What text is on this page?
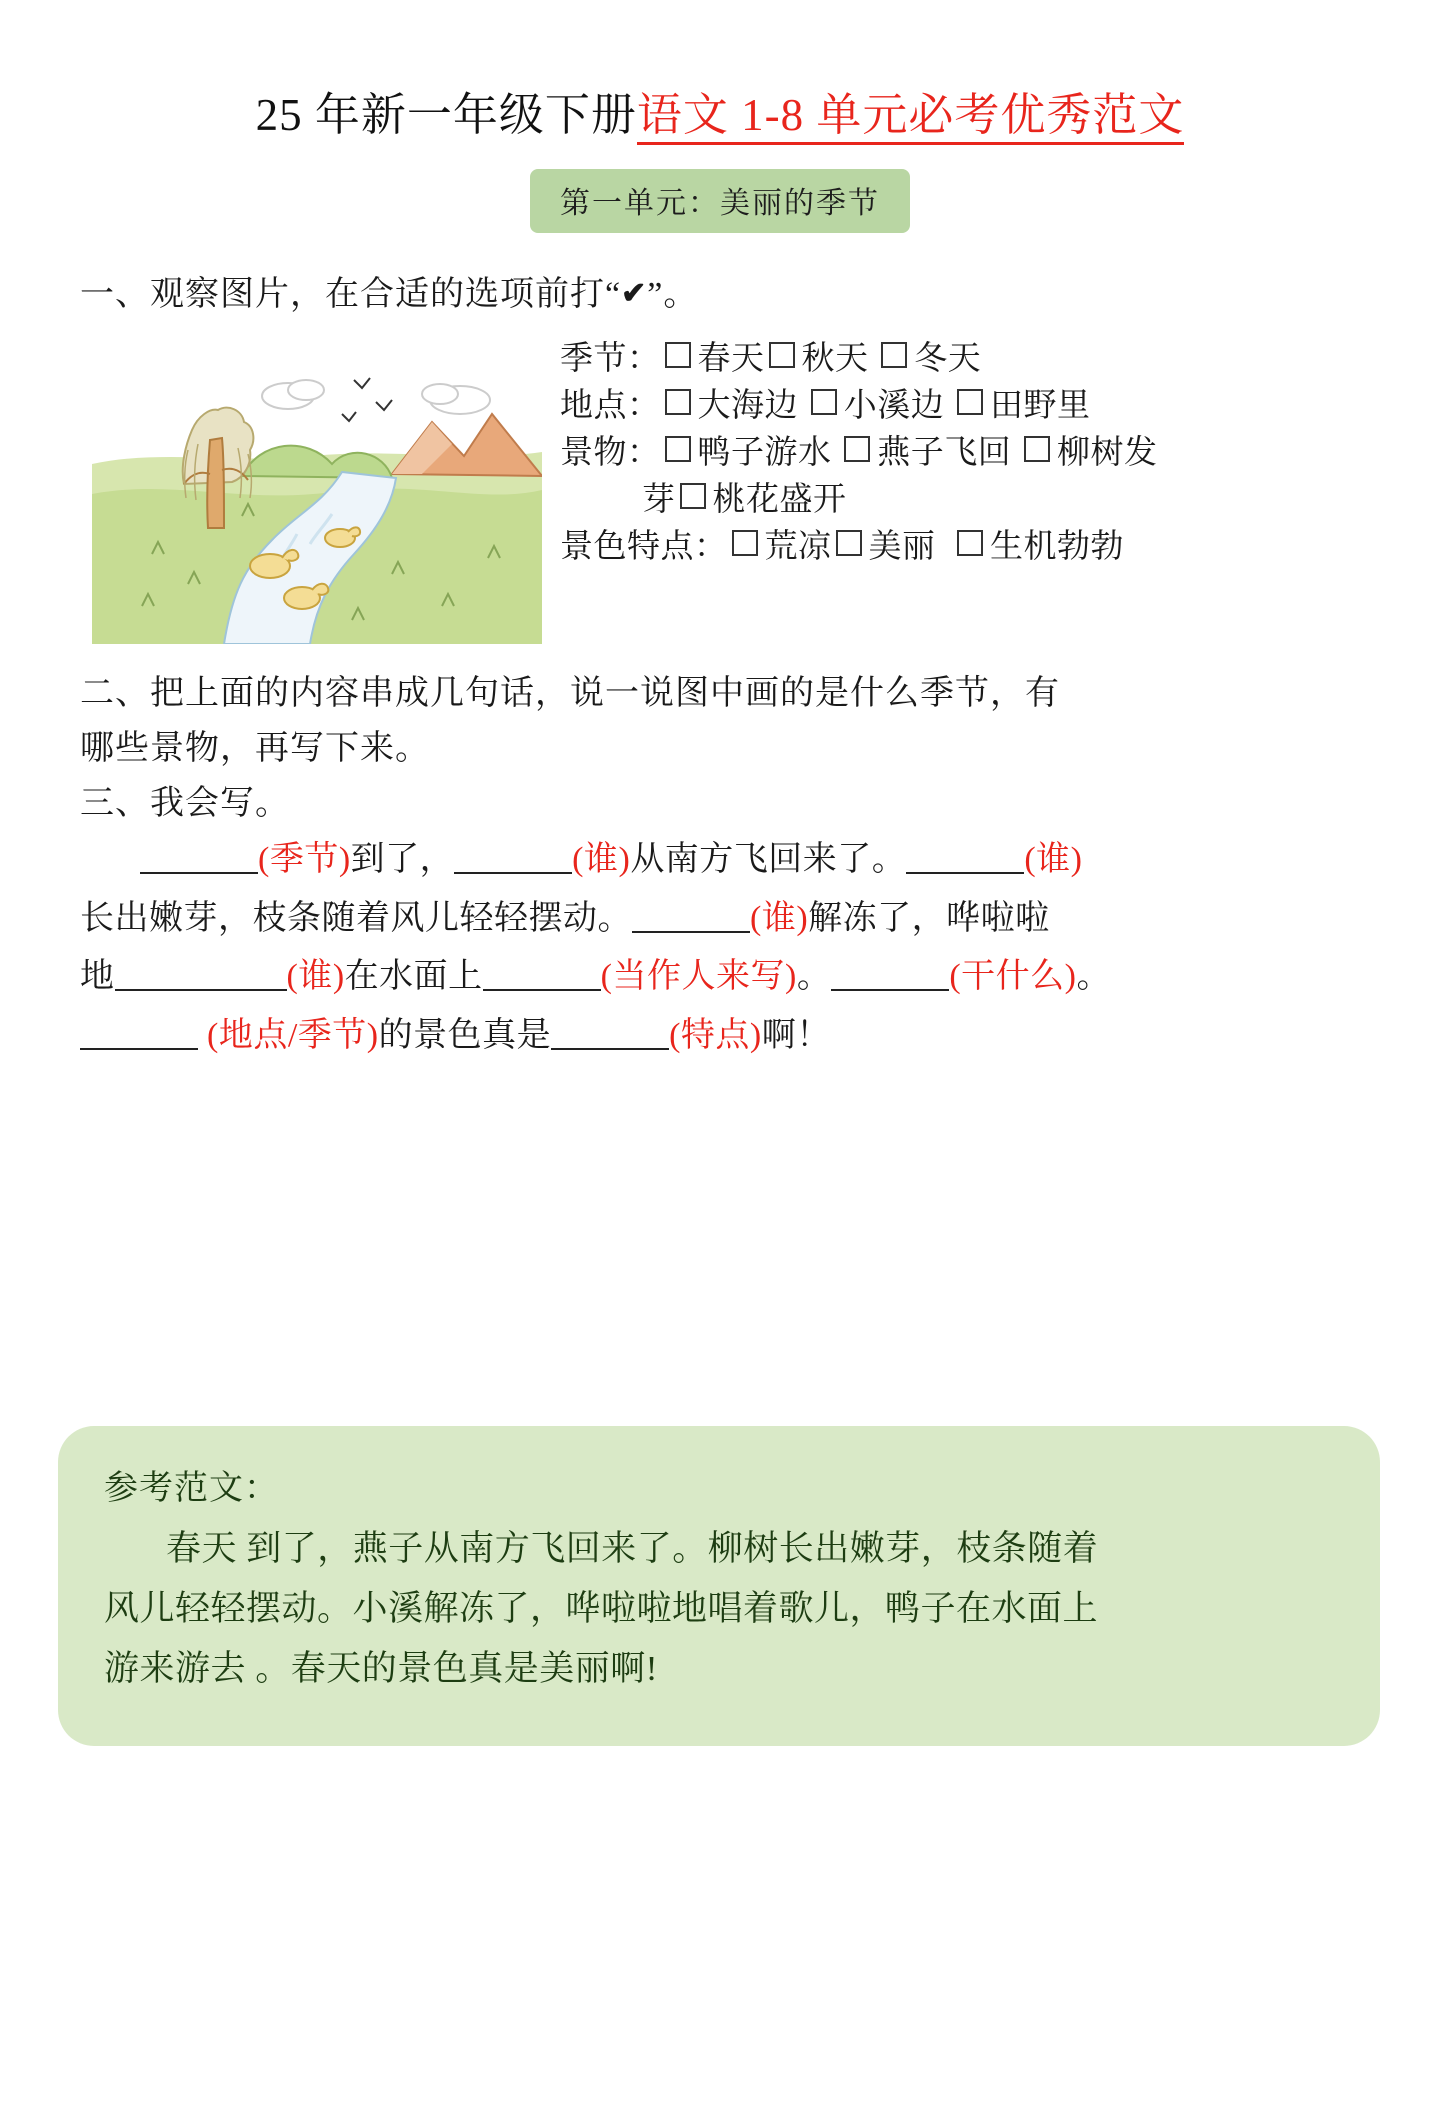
25 年新一年级下册语文 1-8 单元必考优秀范文
第一单元：美丽的季节
一、观察图片，在合适的选项前打“✔”。
季节： 春天 秋天 冬天
地点： 大海边 小溪边 田野里
景物： 鸭子游水 燕子飞回 柳树发
芽 桃花盛开
景色特点： 荒凉 美丽 生机勃勃
二、把上面的内容串成几句话，说一说图中画的是什么季节，有
哪些景物，再写下来。
三、我会写。
(季节)到了，	(谁)从南方飞回来了。	(谁)
长出嫩芽，枝条随着风儿轻轻摆动。	(谁)解冻了，哗啦啦
地	(谁)在水面上	(当作人来写)。	(干什么)。
(地点/季节)的景色真是	(特点)啊！
参考范文：
春天 到了，燕子从南方飞回来了。柳树长出嫩芽，枝条随着
风儿轻轻摆动。小溪解冻了，哗啦啦地唱着歌儿，鸭子在水面上
游来游去 。春天的景色真是美丽啊!
